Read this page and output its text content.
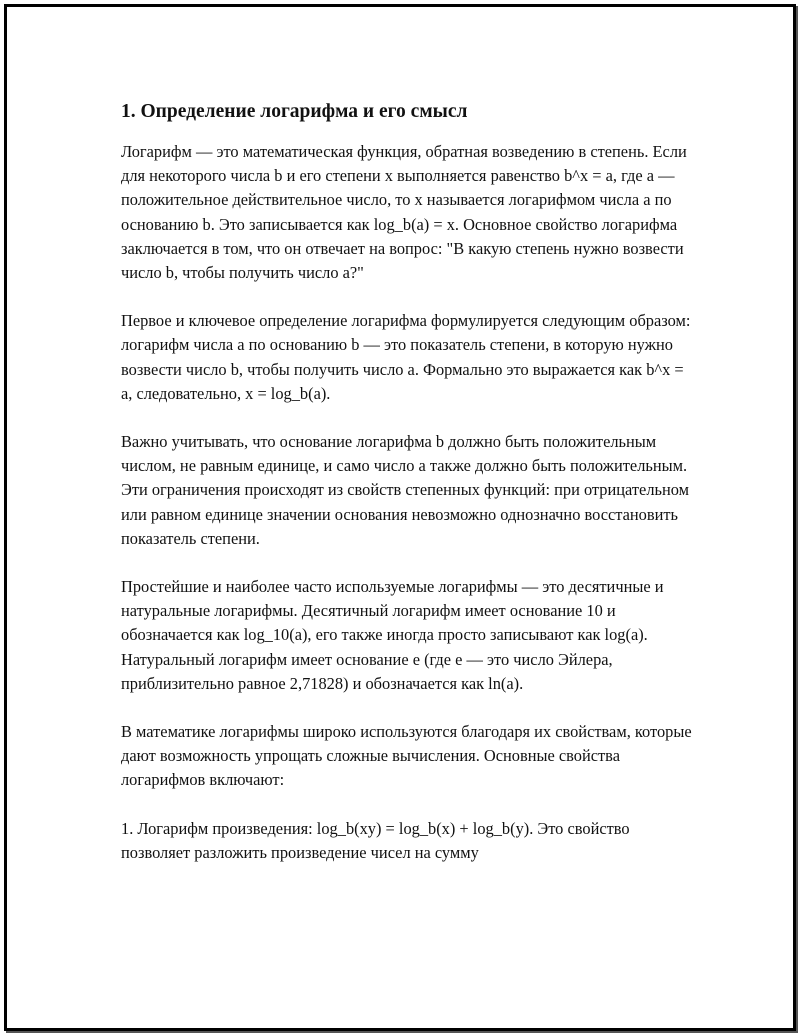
1. Определение логарифма и его смысл

Логарифм — это математическая функция, обратная возведению в степень. Если для некоторого числа b и его степени x выполняется равенство b^x = a, где a — положительное действительное число, то x называется логарифмом числа a по основанию b. Это записывается как log_b(a) = x. Основное свойство логарифма заключается в том, что он отвечает на вопрос: "В какую степень нужно возвести число b, чтобы получить число a?"

Первое и ключевое определение логарифма формулируется следующим образом: логарифм числа a по основанию b — это показатель степени, в которую нужно возвести число b, чтобы получить число a. Формально это выражается как b^x = a, следовательно, x = log_b(a).

Важно учитывать, что основание логарифма b должно быть положительным числом, не равным единице, и само число a также должно быть положительным. Эти ограничения происходят из свойств степенных функций: при отрицательном или равном единице значении основания невозможно однозначно восстановить показатель степени.

Простейшие и наиболее часто используемые логарифмы — это десятичные и натуральные логарифмы. Десятичный логарифм имеет основание 10 и обозначается как log_10(a), его также иногда просто записывают как log(a). Натуральный логарифм имеет основание e (где e — это число Эйлера, приблизительно равное 2,71828) и обозначается как ln(a).

В математике логарифмы широко используются благодаря их свойствам, которые дают возможность упрощать сложные вычисления. Основные свойства логарифмов включают:

1. Логарифм произведения: log_b(xy) = log_b(x) + log_b(y). Это свойство позволяет разложить произведение чисел на сумму
